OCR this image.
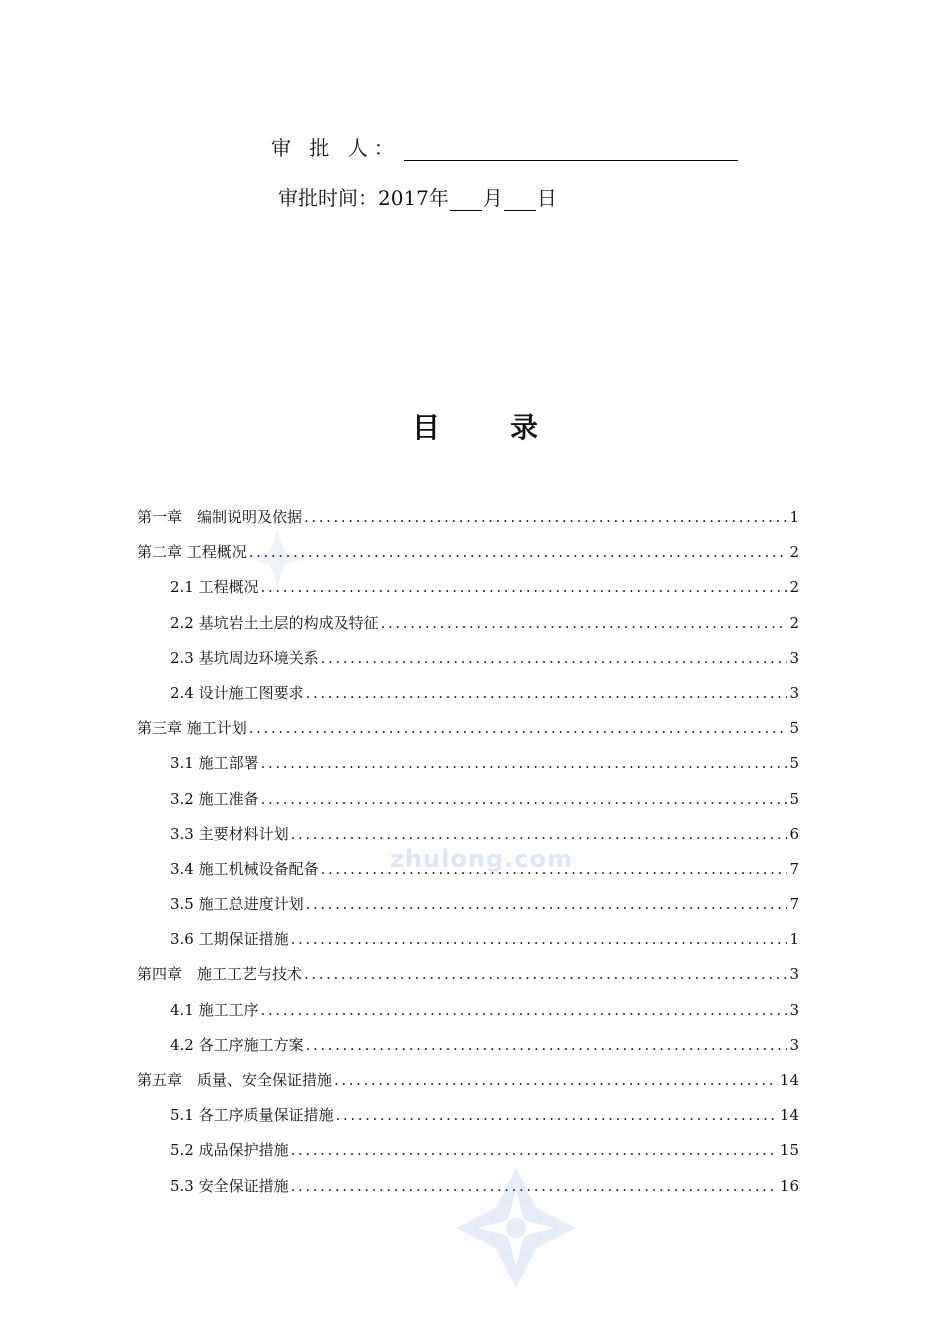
审 批 人：
审批时间：2017年 月 日
zhulong.com
目录
第一章　编制说明及依据 .....	1
第二章 工程概况 .....	2
2.1 工程概况 .....	2
2.2 基坑岩土土层的构成及特征 .....	2
2.3 基坑周边环境关系 .....	3
2.4 设计施工图要求 .....	3
第三章 施工计划 .....	5
3.1 施工部署 .....	5
3.2 施工准备 .....	5
3.3 主要材料计划 .....	6
3.4 施工机械设备配备 .....	7
3.5 施工总进度计划 .....	7
3.6 工期保证措施 .....	1
第四章　施工工艺与技术 .....	3
4.1 施工工序 .....	3
4.2 各工序施工方案 .....	3
第五章　质量、安全保证措施 .....	14
5.1 各工序质量保证措施 .....	14
5.2 成品保护措施 .....	15
5.3 安全保证措施 .....	16
